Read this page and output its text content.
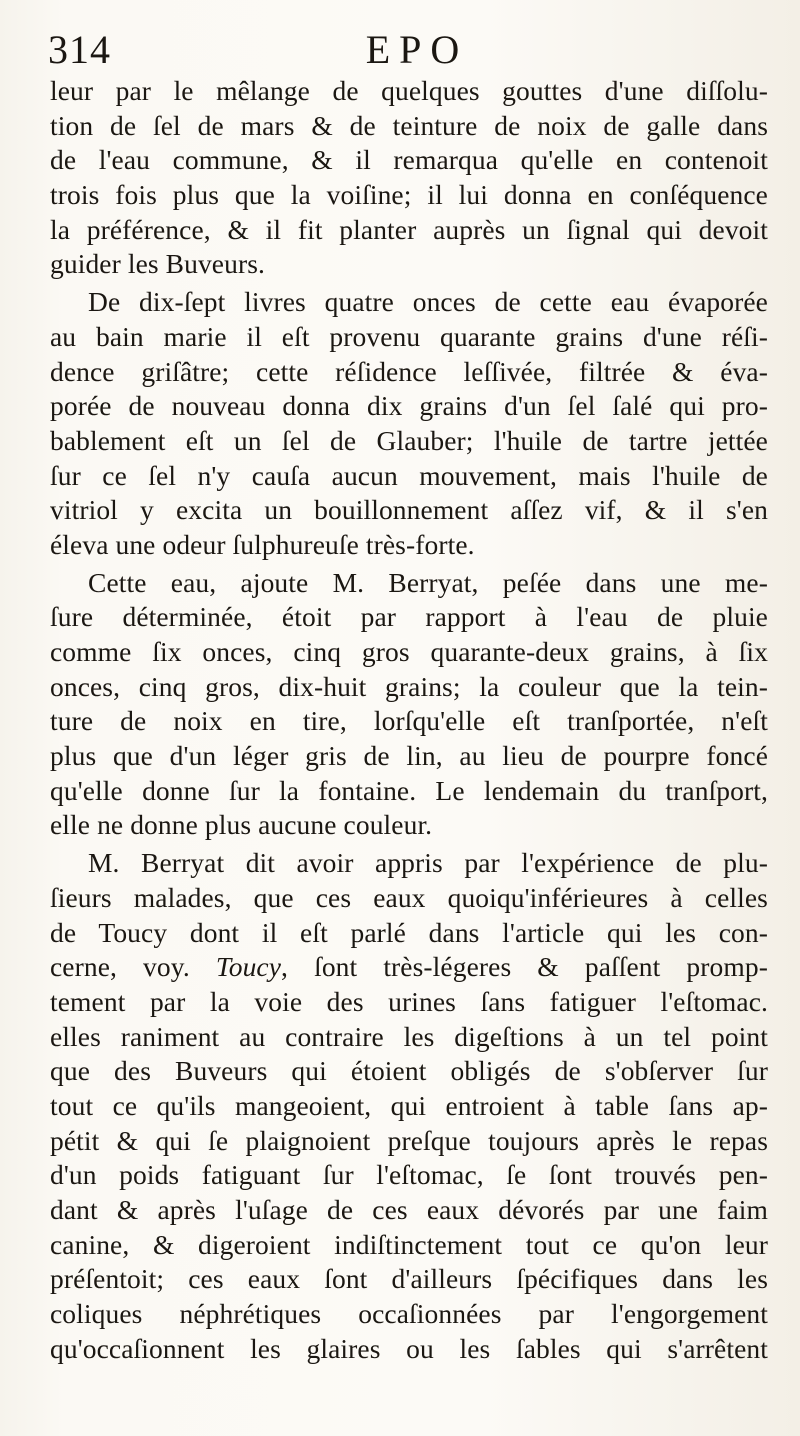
314	EPO
leur par le mêlange de quelques gouttes d'une diſſolu-
tion de ſel de mars & de teinture de noix de galle dans
de l'eau commune, & il remarqua qu'elle en contenoit
trois fois plus que la voiſine; il lui donna en conſéquence
la préférence, & il fit planter auprès un ſignal qui devoit
guider les Buveurs.
De dix-ſept livres quatre onces de cette eau évaporée
au bain marie il eſt provenu quarante grains d'une réſi-
dence griſâtre; cette réſidence leſſivée, filtrée & éva-
porée de nouveau donna dix grains d'un ſel ſalé qui pro-
bablement eſt un ſel de Glauber; l'huile de tartre jettée
ſur ce ſel n'y cauſa aucun mouvement, mais l'huile de
vitriol y excita un bouillonnement aſſez vif, & il s'en
éleva une odeur ſulphureuſe très-forte.
Cette eau, ajoute M. Berryat, peſée dans une me-
ſure déterminée, étoit par rapport à l'eau de pluie
comme ſix onces, cinq gros quarante-deux grains, à ſix
onces, cinq gros, dix-huit grains; la couleur que la tein-
ture de noix en tire, lorſqu'elle eſt tranſportée, n'eſt
plus que d'un léger gris de lin, au lieu de pourpre foncé
qu'elle donne ſur la fontaine. Le lendemain du tranſport,
elle ne donne plus aucune couleur.
M. Berryat dit avoir appris par l'expérience de plu-
ſieurs malades, que ces eaux quoiqu'inférieures à celles
de Toucy dont il eſt parlé dans l'article qui les con-
cerne, voy. Toucy, ſont très-légeres & paſſent promp-
tement par la voie des urines ſans fatiguer l'eſtomac.
elles raniment au contraire les digeſtions à un tel point
que des Buveurs qui étoient obligés de s'obſerver ſur
tout ce qu'ils mangeoient, qui entroient à table ſans ap-
pétit & qui ſe plaignoient preſque toujours après le repas
d'un poids fatiguant ſur l'eſtomac, ſe ſont trouvés pen-
dant & après l'uſage de ces eaux dévorés par une faim
canine, & digeroient indiſtinctement tout ce qu'on leur
préſentoit; ces eaux ſont d'ailleurs ſpécifiques dans les
coliques néphrétiques occaſionnées par l'engorgement
qu'occaſionnent les glaires ou les ſables qui s'arrêtent
